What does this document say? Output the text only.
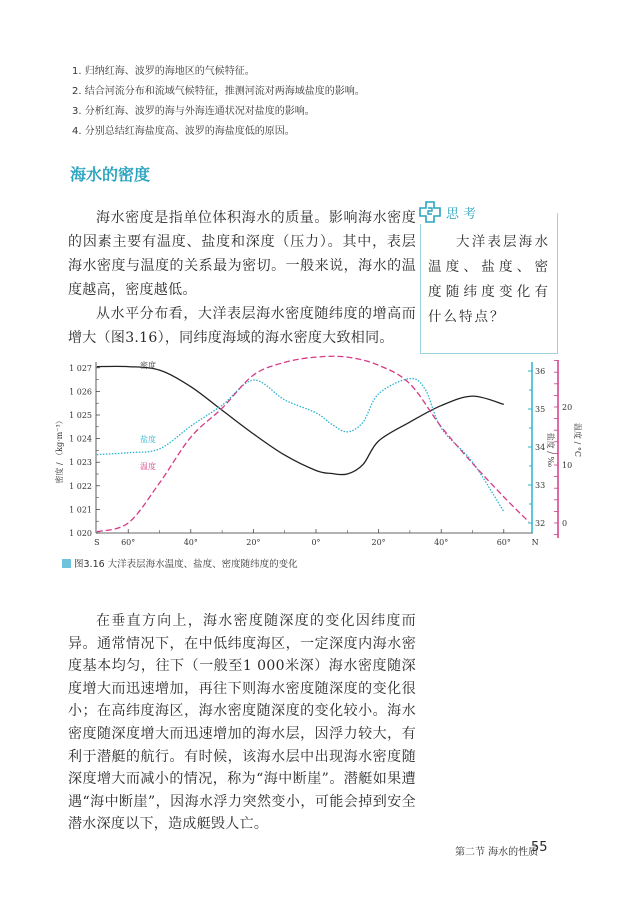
1. 归纳红海、波罗的海地区的气候特征。
2. 结合河流分布和流域气候特征，推测河流对两海域盐度的影响。
3. 分析红海、波罗的海与外海连通状况对盐度的影响。
4. 分别总结红海盐度高、波罗的海盐度低的原因。
海水的密度
海水密度是指单位体积海水的质量。影响海水密度的因素主要有温度、盐度和深度（压力）。其中，表层海水密度与温度的关系最为密切。一般来说，海水的温度越高，密度越低。
从水平分布看，大洋表层海水密度随纬度的增高而增大（图3.16），同纬度海域的海水密度大致相同。
思 考
大洋表层海水温度、盐度、密度随纬度变化有什么特点？
1 020
1 021
1 022
1 023
1 024
1 025
1 026
1 027
32
33
34
35
36
0
10
20
S	60°	40°	20°	0°	20°	40°	60°	N
密度 / （kg·m⁻³）	盐度 / ‰ 温度 / °C
密度
盐度
温度
图3.16 大洋表层海水温度、盐度、密度随纬度的变化
在垂直方向上，海水密度随深度的变化因纬度而异。通常情况下，在中低纬度海区，一定深度内海水密度基本均匀，往下（一般至1 000米深）海水密度随深度增大而迅速增加，再往下则海水密度随深度的变化很小；在高纬度海区，海水密度随深度的变化较小。海水密度随深度增大而迅速增加的海水层，因浮力较大，有利于潜艇的航行。有时候，该海水层中出现海水密度随深度增大而减小的情况，称为“海中断崖”。潜艇如果遭遇“海中断崖”，因海水浮力突然变小，可能会掉到安全潜水深度以下，造成艇毁人亡。
第二节 海水的性质
55
